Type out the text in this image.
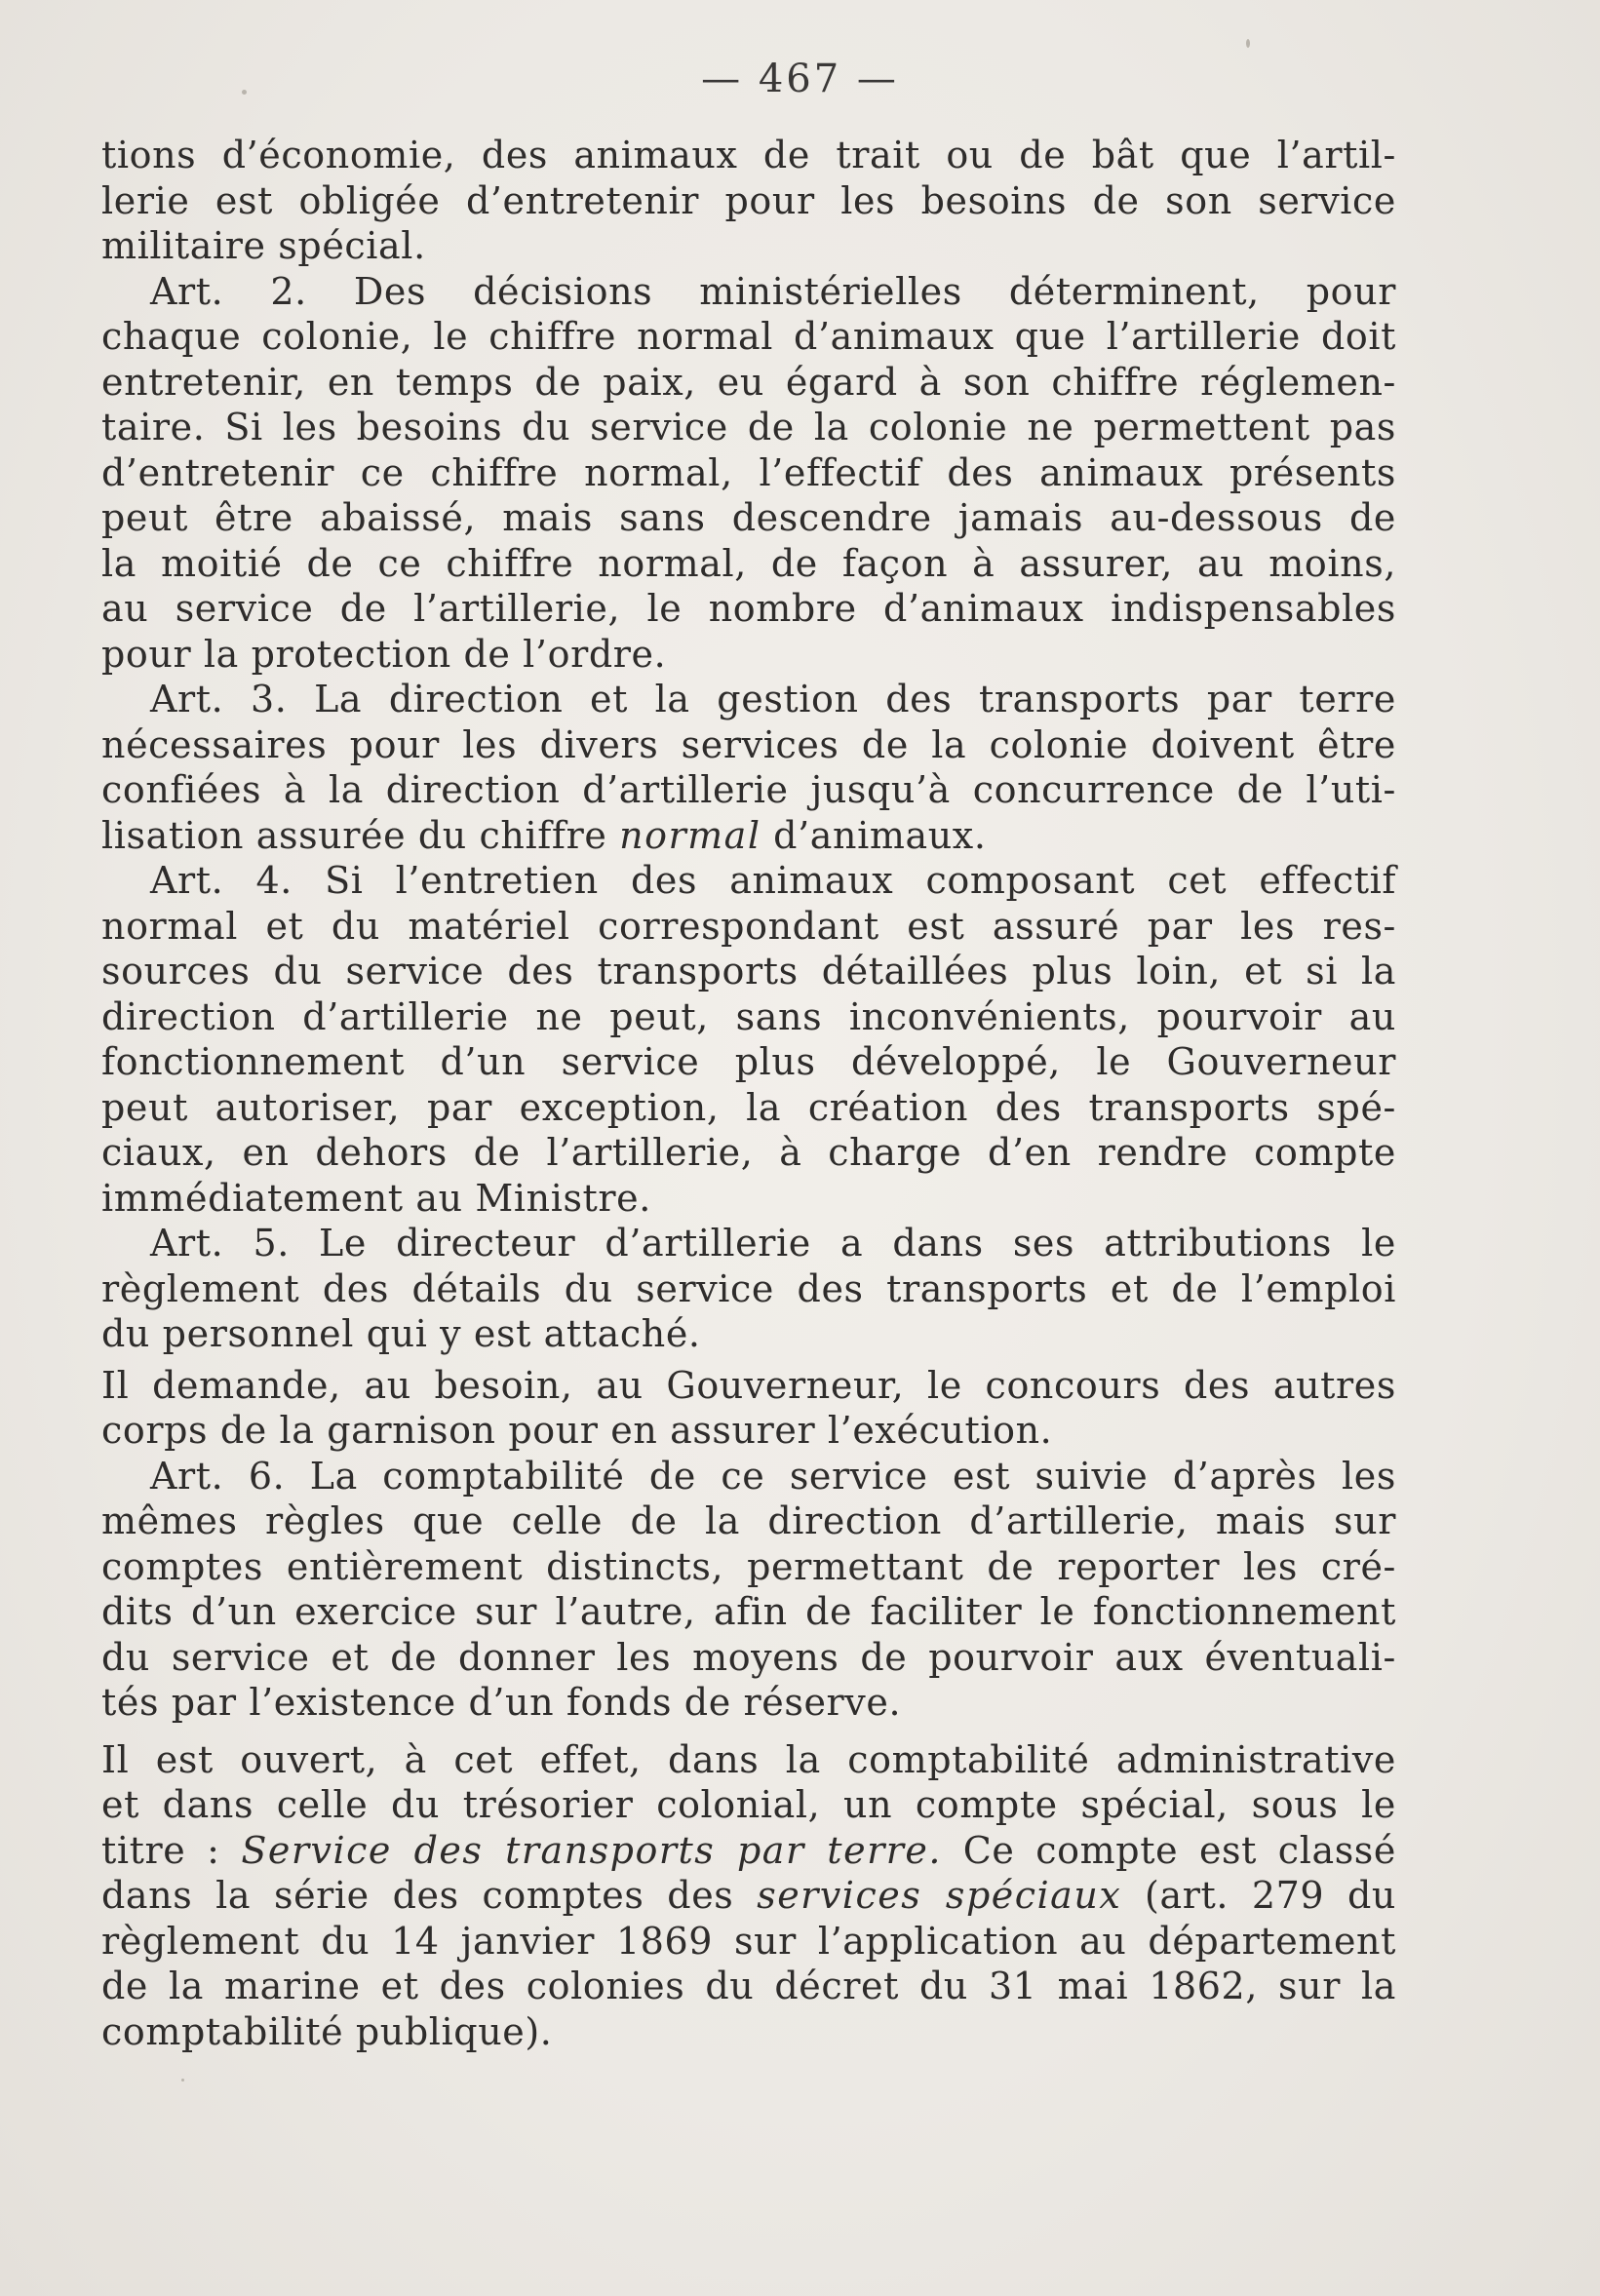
— 467 —
tions d’économie, des animaux de trait ou de bât que l’artil-
lerie est obligée d’entretenir pour les besoins de son service
militaire spécial.
Art. 2. Des décisions ministérielles déterminent, pour
chaque colonie, le chiffre normal d’animaux que l’artillerie doit
entretenir, en temps de paix, eu égard à son chiffre réglemen-
taire. Si les besoins du service de la colonie ne permettent pas
d’entretenir ce chiffre normal, l’effectif des animaux présents
peut être abaissé, mais sans descendre jamais au-dessous de
la moitié de ce chiffre normal, de façon à assurer, au moins,
au service de l’artillerie, le nombre d’animaux indispensables
pour la protection de l’ordre.
Art. 3. La direction et la gestion des transports par terre
nécessaires pour les divers services de la colonie doivent être
confiées à la direction d’artillerie jusqu’à concurrence de l’uti-
lisation assurée du chiffre normal d’animaux.
Art. 4. Si l’entretien des animaux composant cet effectif
normal et du matériel correspondant est assuré par les res-
sources du service des transports détaillées plus loin, et si la
direction d’artillerie ne peut, sans inconvénients, pourvoir au
fonctionnement d’un service plus développé, le Gouverneur
peut autoriser, par exception, la création des transports spé-
ciaux, en dehors de l’artillerie, à charge d’en rendre compte
immédiatement au Ministre.
Art. 5. Le directeur d’artillerie a dans ses attributions le
règlement des détails du service des transports et de l’emploi
du personnel qui y est attaché.
Il demande, au besoin, au Gouverneur, le concours des autres
corps de la garnison pour en assurer l’exécution.
Art. 6. La comptabilité de ce service est suivie d’après les
mêmes règles que celle de la direction d’artillerie, mais sur
comptes entièrement distincts, permettant de reporter les cré-
dits d’un exercice sur l’autre, afin de faciliter le fonctionnement
du service et de donner les moyens de pourvoir aux éventuali-
tés par l’existence d’un fonds de réserve.
Il est ouvert, à cet effet, dans la comptabilité administrative
et dans celle du trésorier colonial, un compte spécial, sous le
titre : Service des transports par terre. Ce compte est classé
dans la série des comptes des services spéciaux (art. 279 du
règlement du 14 janvier 1869 sur l’application au département
de la marine et des colonies du décret du 31 mai 1862, sur la
comptabilité publique).
